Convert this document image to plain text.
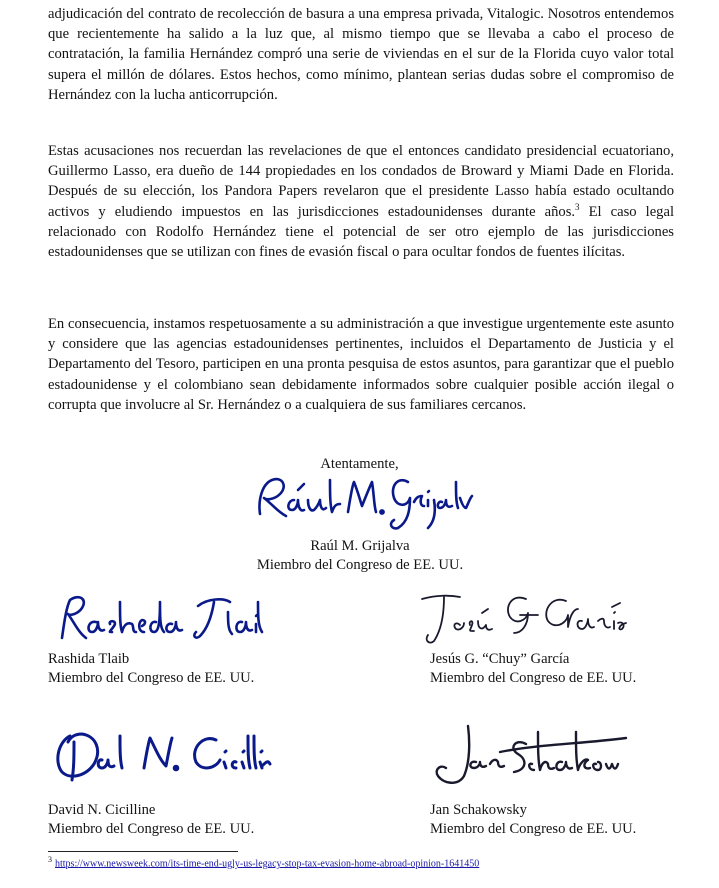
adjudicación del contrato de recolección de basura a una empresa privada, Vitalogic. Nosotros entendemos que recientemente ha salido a la luz que, al mismo tiempo que se llevaba a cabo el proceso de contratación, la familia Hernández compró una serie de viviendas en el sur de la Florida cuyo valor total supera el millón de dólares. Estos hechos, como mínimo, plantean serias dudas sobre el compromiso de Hernández con la lucha anticorrupción.

Estas acusaciones nos recuerdan las revelaciones de que el entonces candidato presidencial ecuatoriano, Guillermo Lasso, era dueño de 144 propiedades en los condados de Broward y Miami Dade en Florida. Después de su elección, los Pandora Papers revelaron que el presidente Lasso había estado ocultando activos y eludiendo impuestos en las jurisdicciones estadounidenses durante años.$^3$ El caso legal relacionado con Rodolfo Hernández tiene el potencial de ser otro ejemplo de las jurisdicciones estadounidenses que se utilizan con fines de evasión fiscal o para ocultar fondos de fuentes ilícitas.

En consecuencia, instamos respetuosamente a su administración a que investigue urgentemente este asunto y considere que las agencias estadounidenses pertinentes, incluidos el Departamento de Justicia y el Departamento del Tesoro, participen en una pronta pesquisa de estos asuntos, para garantizar que el pueblo estadounidense y el colombiano sean debidamente informados sobre cualquier posible acción ilegal o corrupta que involucre al Sr. Hernández o a cualquiera de sus familiares cercanos.

Atentamente,
Raúl M. Grijalva
Miembro del Congreso de EE. UU.
Rashida Tlaib
Miembro del Congreso de EE. UU.
Jesús G. “Chuy” García
Miembro del Congreso de EE. UU.
David N. Cicilline
Miembro del Congreso de EE. UU.
Jan Schakowsky
Miembro del Congreso de EE. UU.
$^3$ https://www.newsweek.com/its-time-end-ugly-us-legacy-stop-tax-evasion-home-abroad-opinion-1641450
